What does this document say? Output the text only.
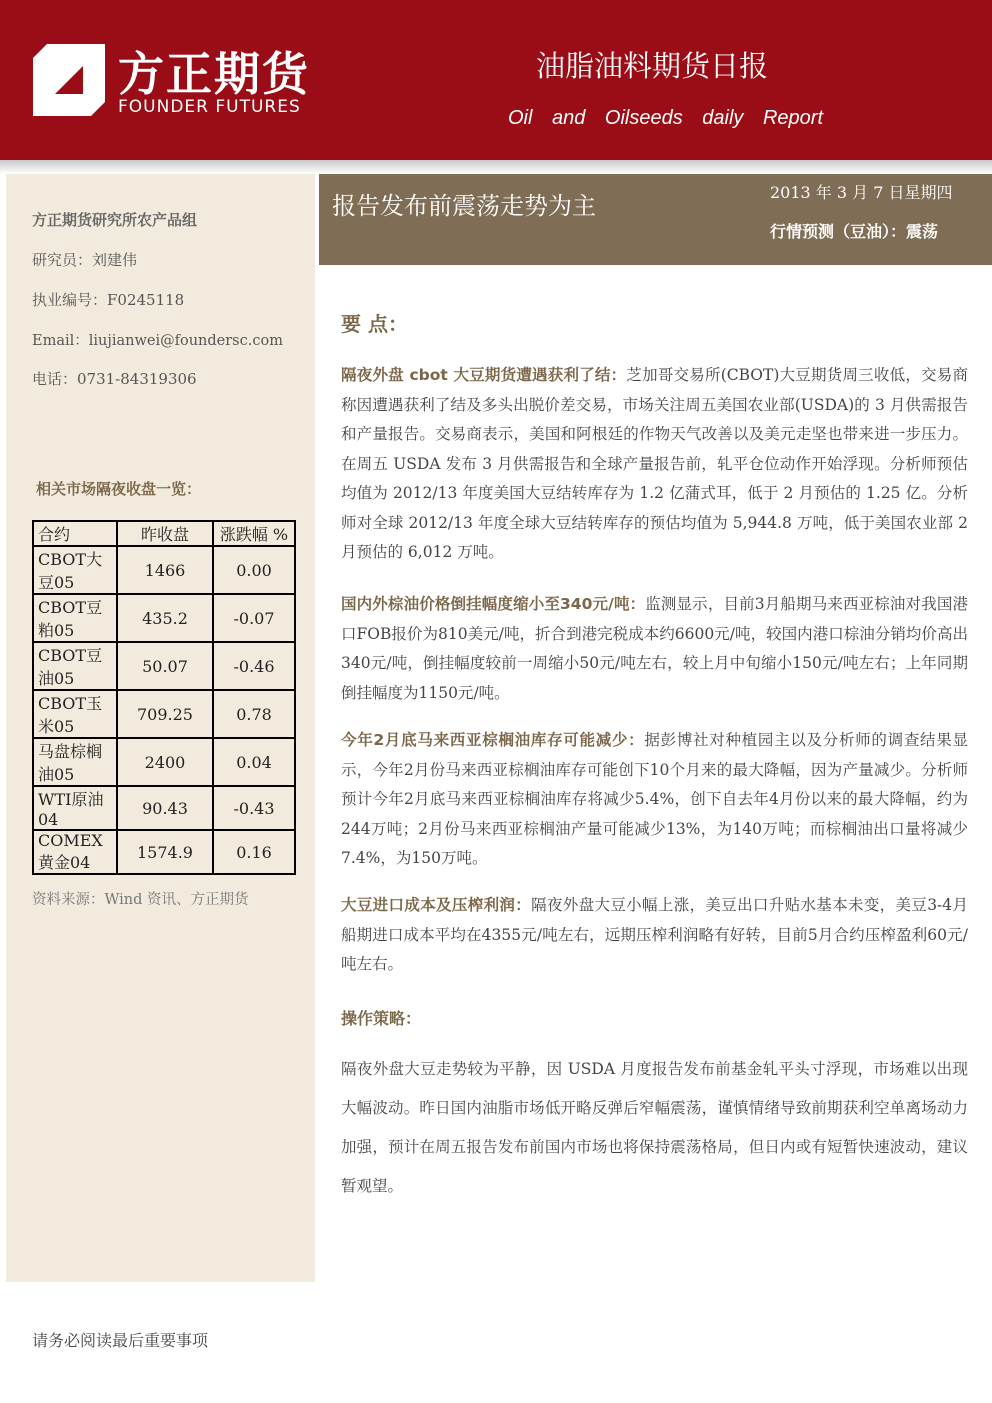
方正期货
FOUNDER FUTURES
油脂油料期货日报
Oil and Oilseeds daily Report
方正期货研究所农产品组
研究员：刘建伟
执业编号：F0245118
Email：liujianwei@foundersc.com
电话：0731-84319306
相关市场隔夜收盘一览：
合约	昨收盘	涨跌幅 %
CBOT大豆05	1466	0.00
CBOT豆粕05	435.2	-0.07
CBOT豆油05	50.07	-0.46
CBOT玉米05	709.25	0.78
马盘棕榈油05	2400	0.04
WTI原油04	90.43	-0.43
COMEX黄金04	1574.9	0.16
资料来源：Wind 资讯、方正期货
报告发布前震荡走势为主	2013 年 3 月 7 日星期四
行情预测（豆油）：震荡
要 点：

隔夜外盘 cbot 大豆期货遭遇获利了结：芝加哥交易所(CBOT)大豆期货周三收低，交易商称因遭遇获利了结及多头出脱价差交易，市场关注周五美国农业部(USDA)的 3 月供需报告和产量报告。交易商表示，美国和阿根廷的作物天气改善以及美元走坚也带来进一步压力。 在周五 USDA 发布 3 月供需报告和全球产量报告前，轧平仓位动作开始浮现。分析师预估均值为 2012/13 年度美国大豆结转库存为 1.2 亿蒲式耳，低于 2 月预估的 1.25 亿。分析师对全球 2012/13 年度全球大豆结转库存的预估均值为 5,944.8 万吨，低于美国农业部 2 月预估的 6,012 万吨。

国内外棕油价格倒挂幅度缩小至340元/吨：监测显示，目前3月船期马来西亚棕油对我国港口FOB报价为810美元/吨，折合到港完税成本约6600元/吨，较国内港口棕油分销均价高出340元/吨，倒挂幅度较前一周缩小50元/吨左右，较上月中旬缩小150元/吨左右；上年同期倒挂幅度为1150元/吨。

今年2月底马来西亚棕榈油库存可能减少：据彭博社对种植园主以及分析师的调查结果显示，今年2月份马来西亚棕榈油库存可能创下10个月来的最大降幅，因为产量减少。分析师预计今年2月底马来西亚棕榈油库存将减少5.4%，创下自去年4月份以来的最大降幅，约为244万吨；2月份马来西亚棕榈油产量可能减少13%，为140万吨；而棕榈油出口量将减少7.4%，为150万吨。

大豆进口成本及压榨利润：隔夜外盘大豆小幅上涨，美豆出口升贴水基本未变，美豆3-4月船期进口成本平均在4355元/吨左右，远期压榨利润略有好转，目前5月合约压榨盈利60元/吨左右。

操作策略：

隔夜外盘大豆走势较为平静，因 USDA 月度报告发布前基金轧平头寸浮现，市场难以出现大幅波动。昨日国内油脂市场低开略反弹后窄幅震荡，谨慎情绪导致前期获利空单离场动力加强，预计在周五报告发布前国内市场也将保持震荡格局，但日内或有短暂快速波动，建议暂观望。

请务必阅读最后重要事项
